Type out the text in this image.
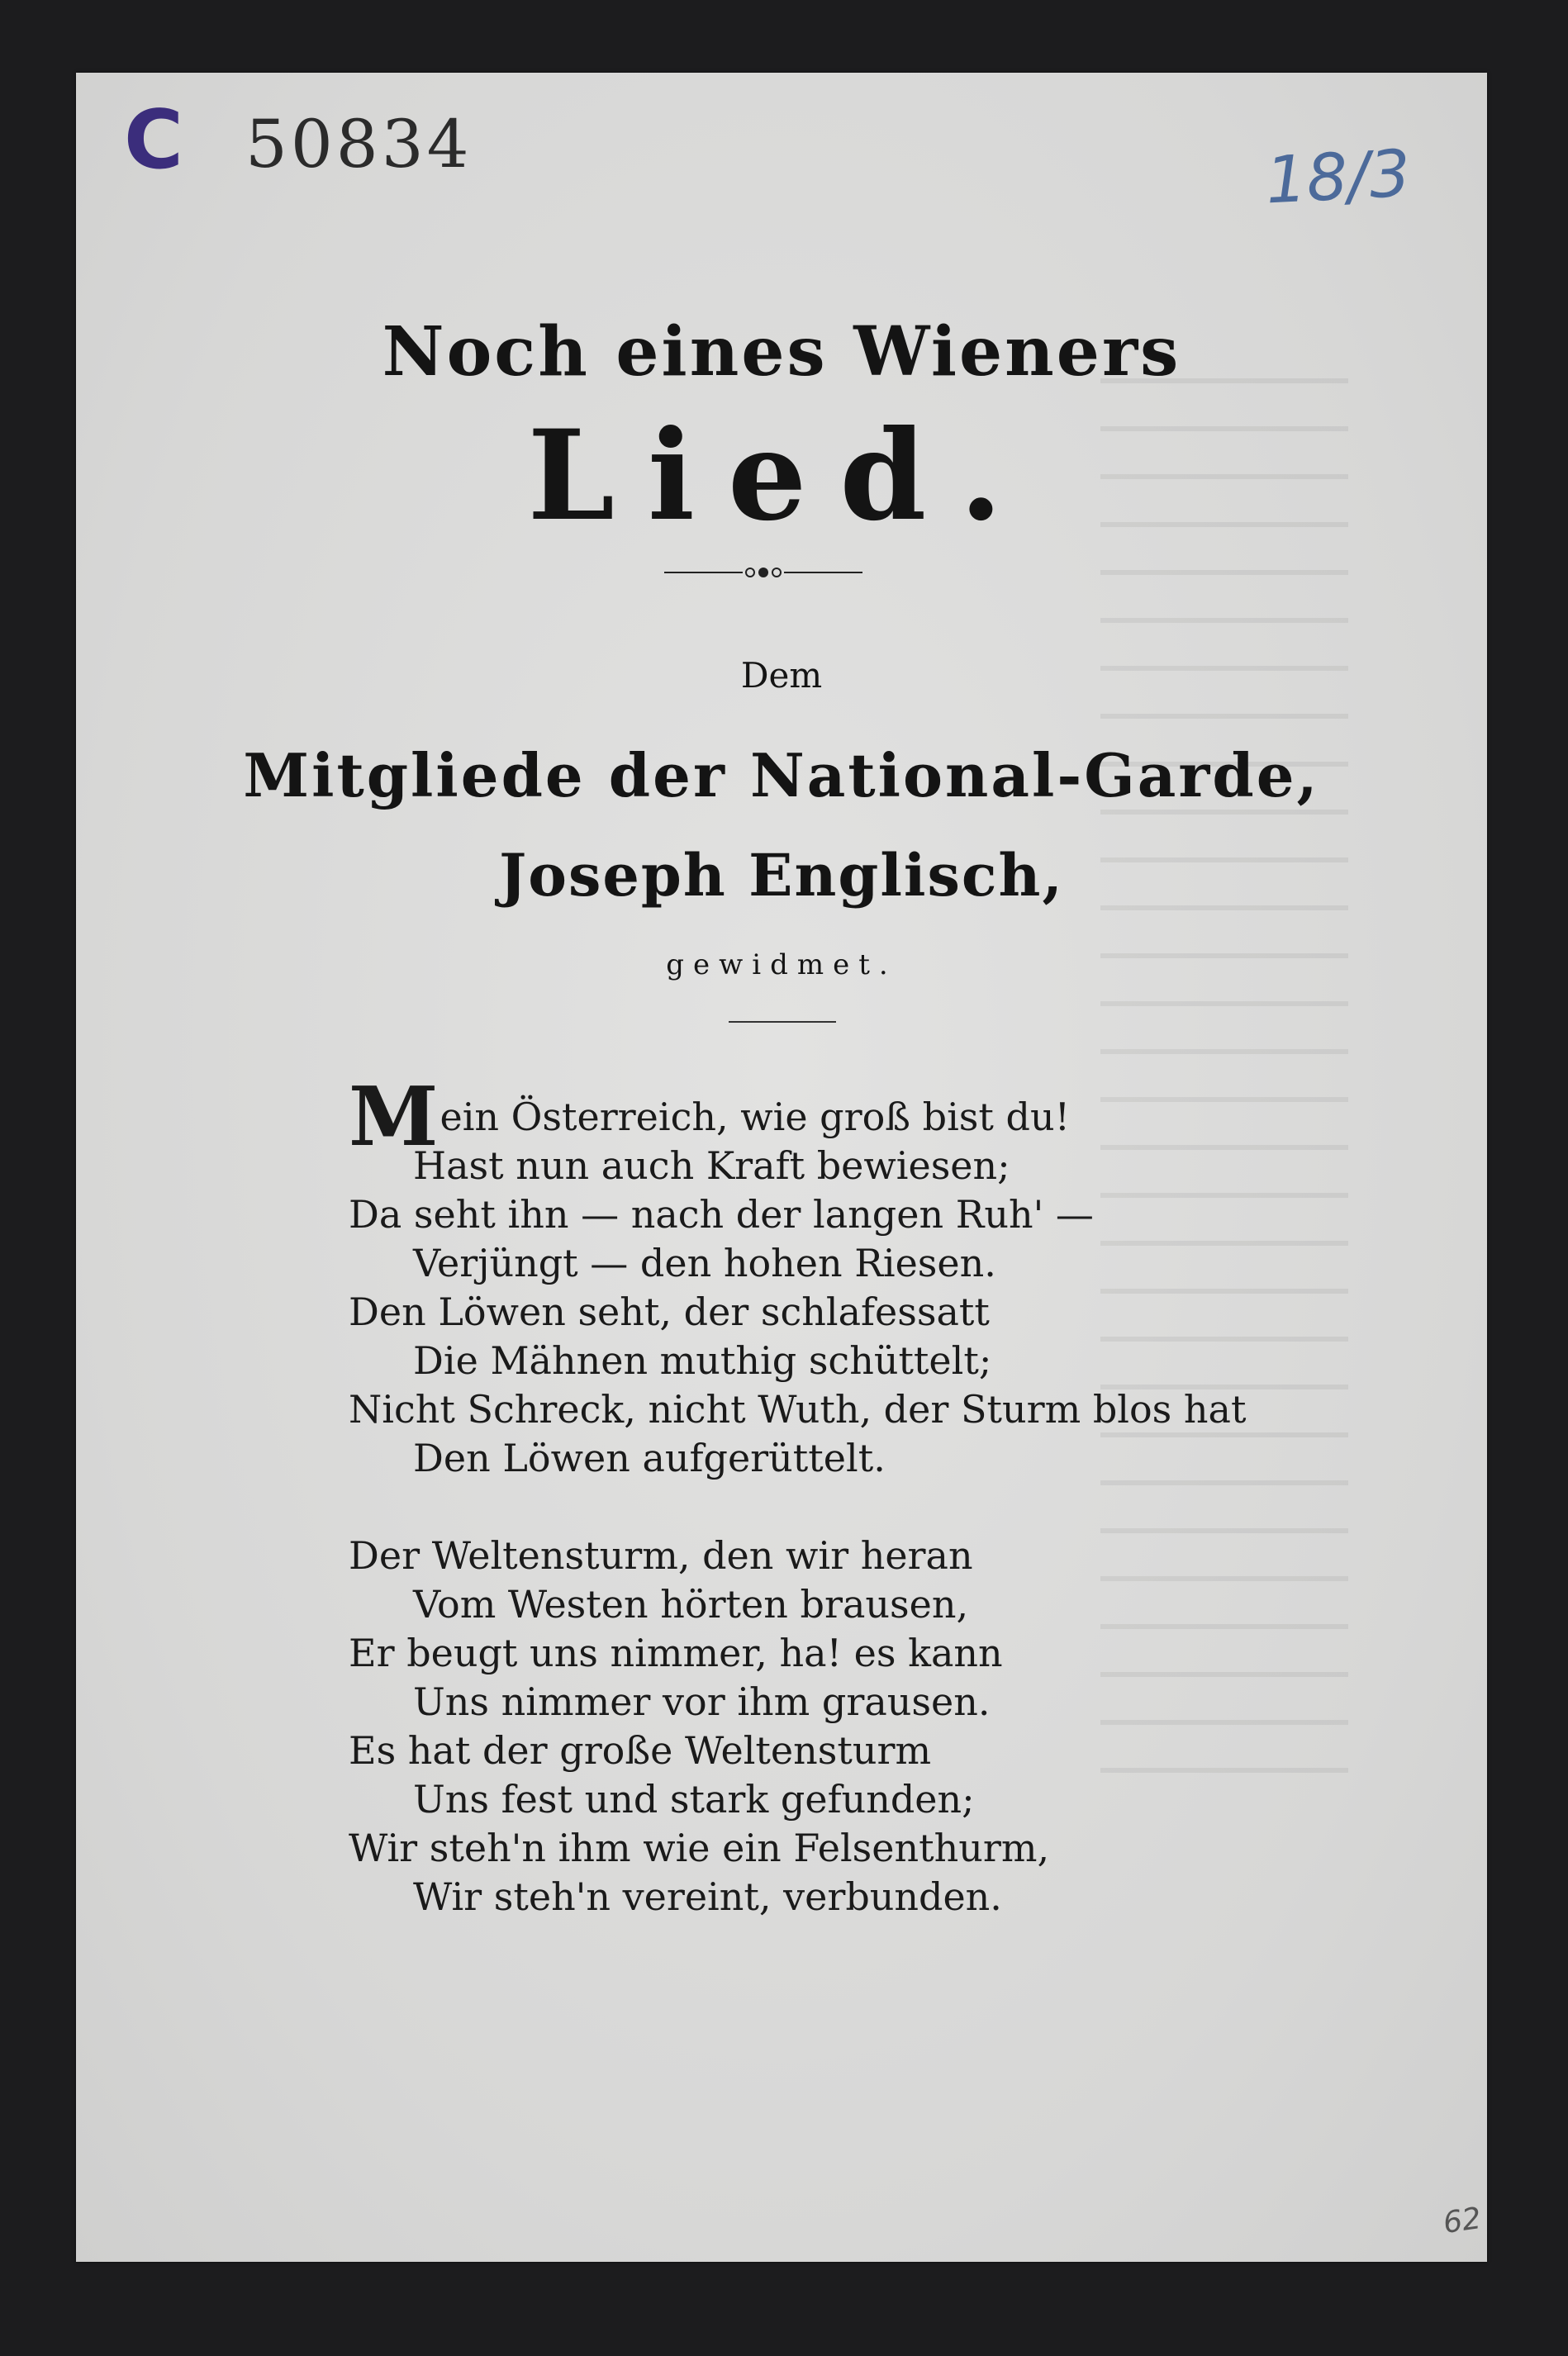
C 50834	18/3
Noch eines Wieners
Lied.
Dem
Mitgliede der National-Garde,
Joseph Englisch,
gewidmet.
Mein Österreich, wie groß bist du!
Hast nun auch Kraft bewiesen;
Da seht ihn — nach der langen Ruh' —
Verjüngt — den hohen Riesen.
Den Löwen seht, der schlafessatt
Die Mähnen muthig schüttelt;
Nicht Schreck, nicht Wuth, der Sturm blos hat
Den Löwen aufgerüttelt.
Der Weltensturm, den wir heran
Vom Westen hörten brausen,
Er beugt uns nimmer, ha! es kann
Uns nimmer vor ihm grausen.
Es hat der große Weltensturm
Uns fest und stark gefunden;
Wir steh'n ihm wie ein Felsenthurm,
Wir steh'n vereint, verbunden.
62
